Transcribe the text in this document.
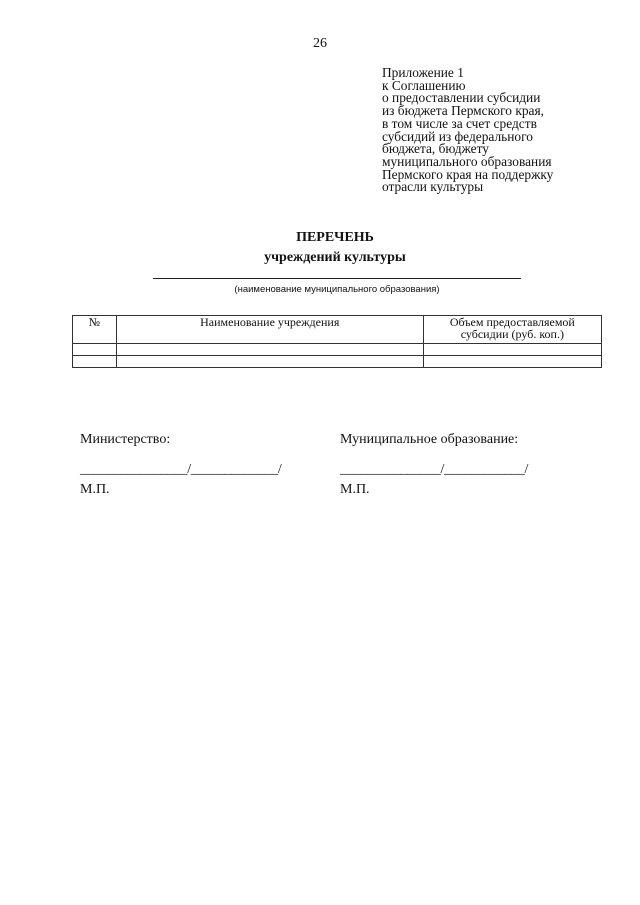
26
Приложение 1
к Соглашению
о предоставлении субсидии
из бюджета Пермского края,
в том числе за счет средств
субсидий из федерального
бюджета, бюджету
муниципального образования
Пермского края на поддержку
отрасли культуры
ПЕРЕЧЕНЬ
учреждений культуры
(наименование муниципального образования)
№	Наименование учреждения	Объем предоставляемой субсидии (руб. коп.)

Министерство:
________________/_____________/
М.П.
Муниципальное образование:
_______________/____________/
М.П.
